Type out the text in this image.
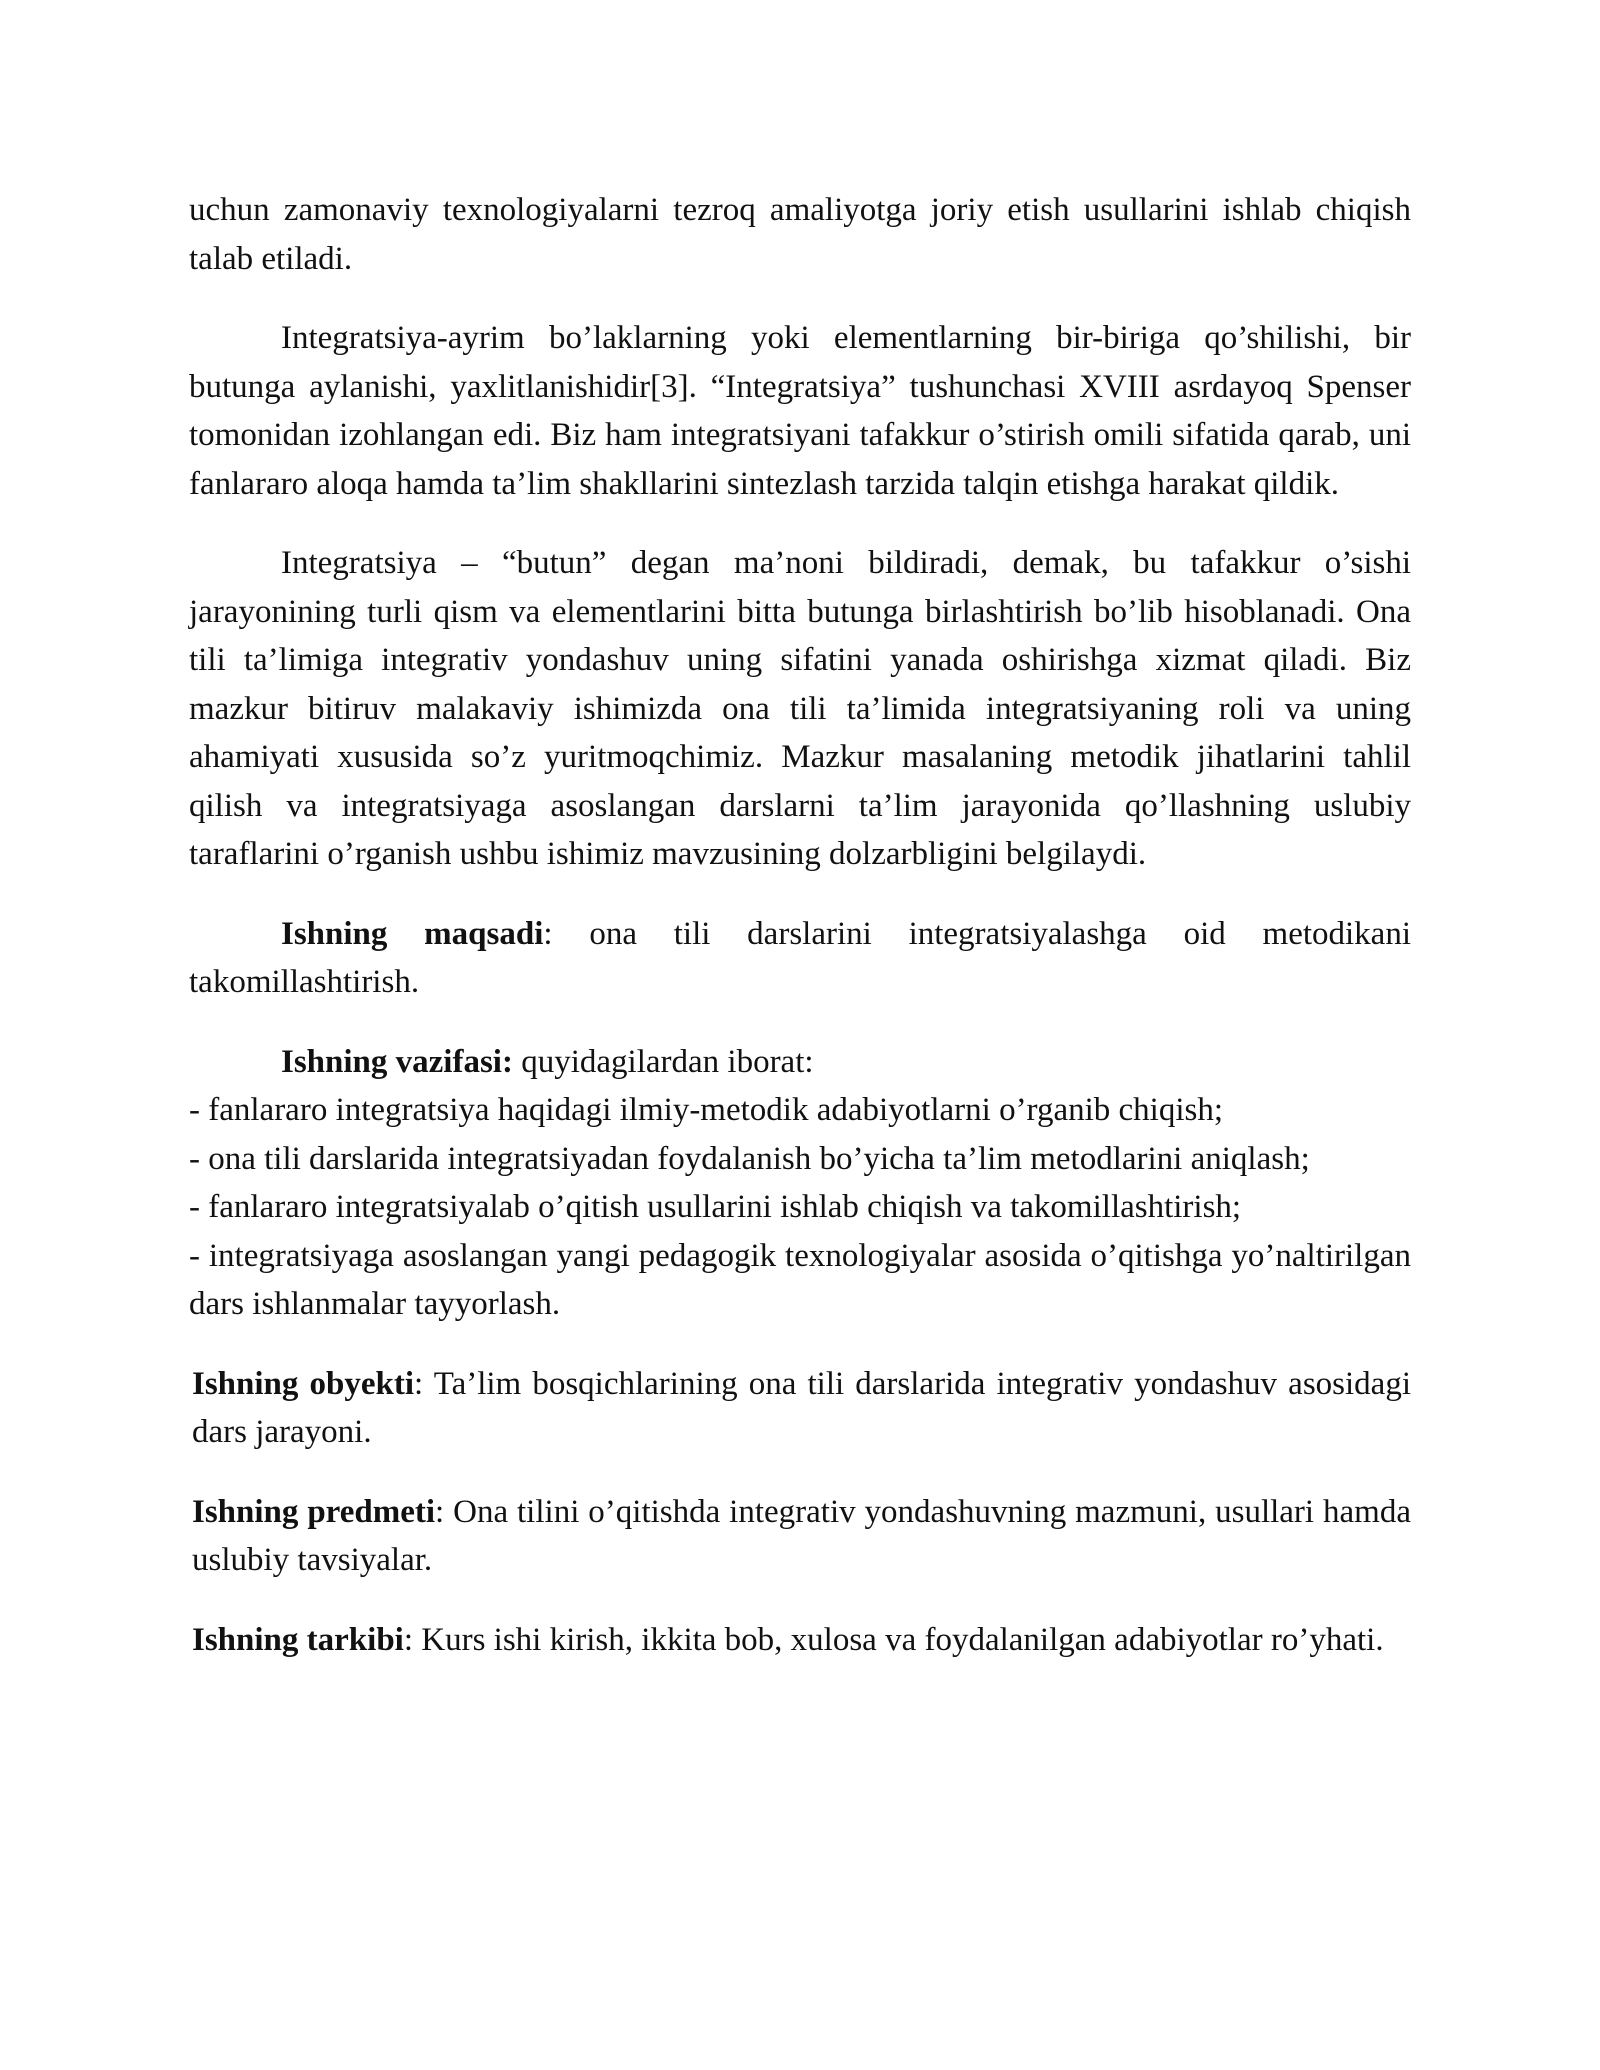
uchun zamonaviy texnologiyalarni tezroq amaliyotga joriy etish usullarini ishlab chiqish talab etiladi.

Integratsiya-ayrim bo’laklarning yoki elementlarning bir-biriga qo’shilishi, bir butunga aylanishi, yaxlitlanishidir[3]. “Integratsiya” tushunchasi XVIII asrdayoq Spenser tomonidan izohlangan edi. Biz ham integratsiyani tafakkur o’stirish omili sifatida qarab, uni fanlararo aloqa hamda ta’lim shakllarini sintezlash tarzida talqin etishga harakat qildik.

Integratsiya – “butun” degan ma’noni bildiradi, demak, bu tafakkur o’sishi jarayonining turli qism va elementlarini bitta butunga birlashtirish bo’lib hisoblanadi. Ona tili ta’limiga integrativ yondashuv uning sifatini yanada oshirishga xizmat qiladi. Biz mazkur bitiruv malakaviy ishimizda ona tili ta’limida integratsiyaning roli va uning ahamiyati xususida so’z yuritmoqchimiz. Mazkur masalaning metodik jihatlarini tahlil qilish va integratsiyaga asoslangan darslarni ta’lim jarayonida qo’llashning uslubiy taraflarini o’rganish ushbu ishimiz mavzusining dolzarbligini belgilaydi.

Ishning maqsadi: ona tili darslarini integratsiyalashga oid metodikani takomillashtirish.

Ishning vazifasi: quyidagilardan iborat:

- fanlararo integratsiya haqidagi ilmiy-metodik adabiyotlarni o’rganib chiqish;

- ona tili darslarida integratsiyadan foydalanish bo’yicha ta’lim metodlarini aniqlash;

- fanlararo integratsiyalab o’qitish usullarini ishlab chiqish va takomillashtirish;

- integratsiyaga asoslangan yangi pedagogik texnologiyalar asosida o’qitishga yo’naltirilgan dars ishlanmalar tayyorlash.

Ishning obyekti: Ta’lim bosqichlarining ona tili darslarida integrativ yondashuv asosidagi dars jarayoni.

Ishning predmeti: Ona tilini o’qitishda integrativ yondashuvning mazmuni, usullari hamda uslubiy tavsiyalar.

Ishning tarkibi: Kurs ishi kirish, ikkita bob, xulosa va foydalanilgan adabiyotlar ro’yhati.
